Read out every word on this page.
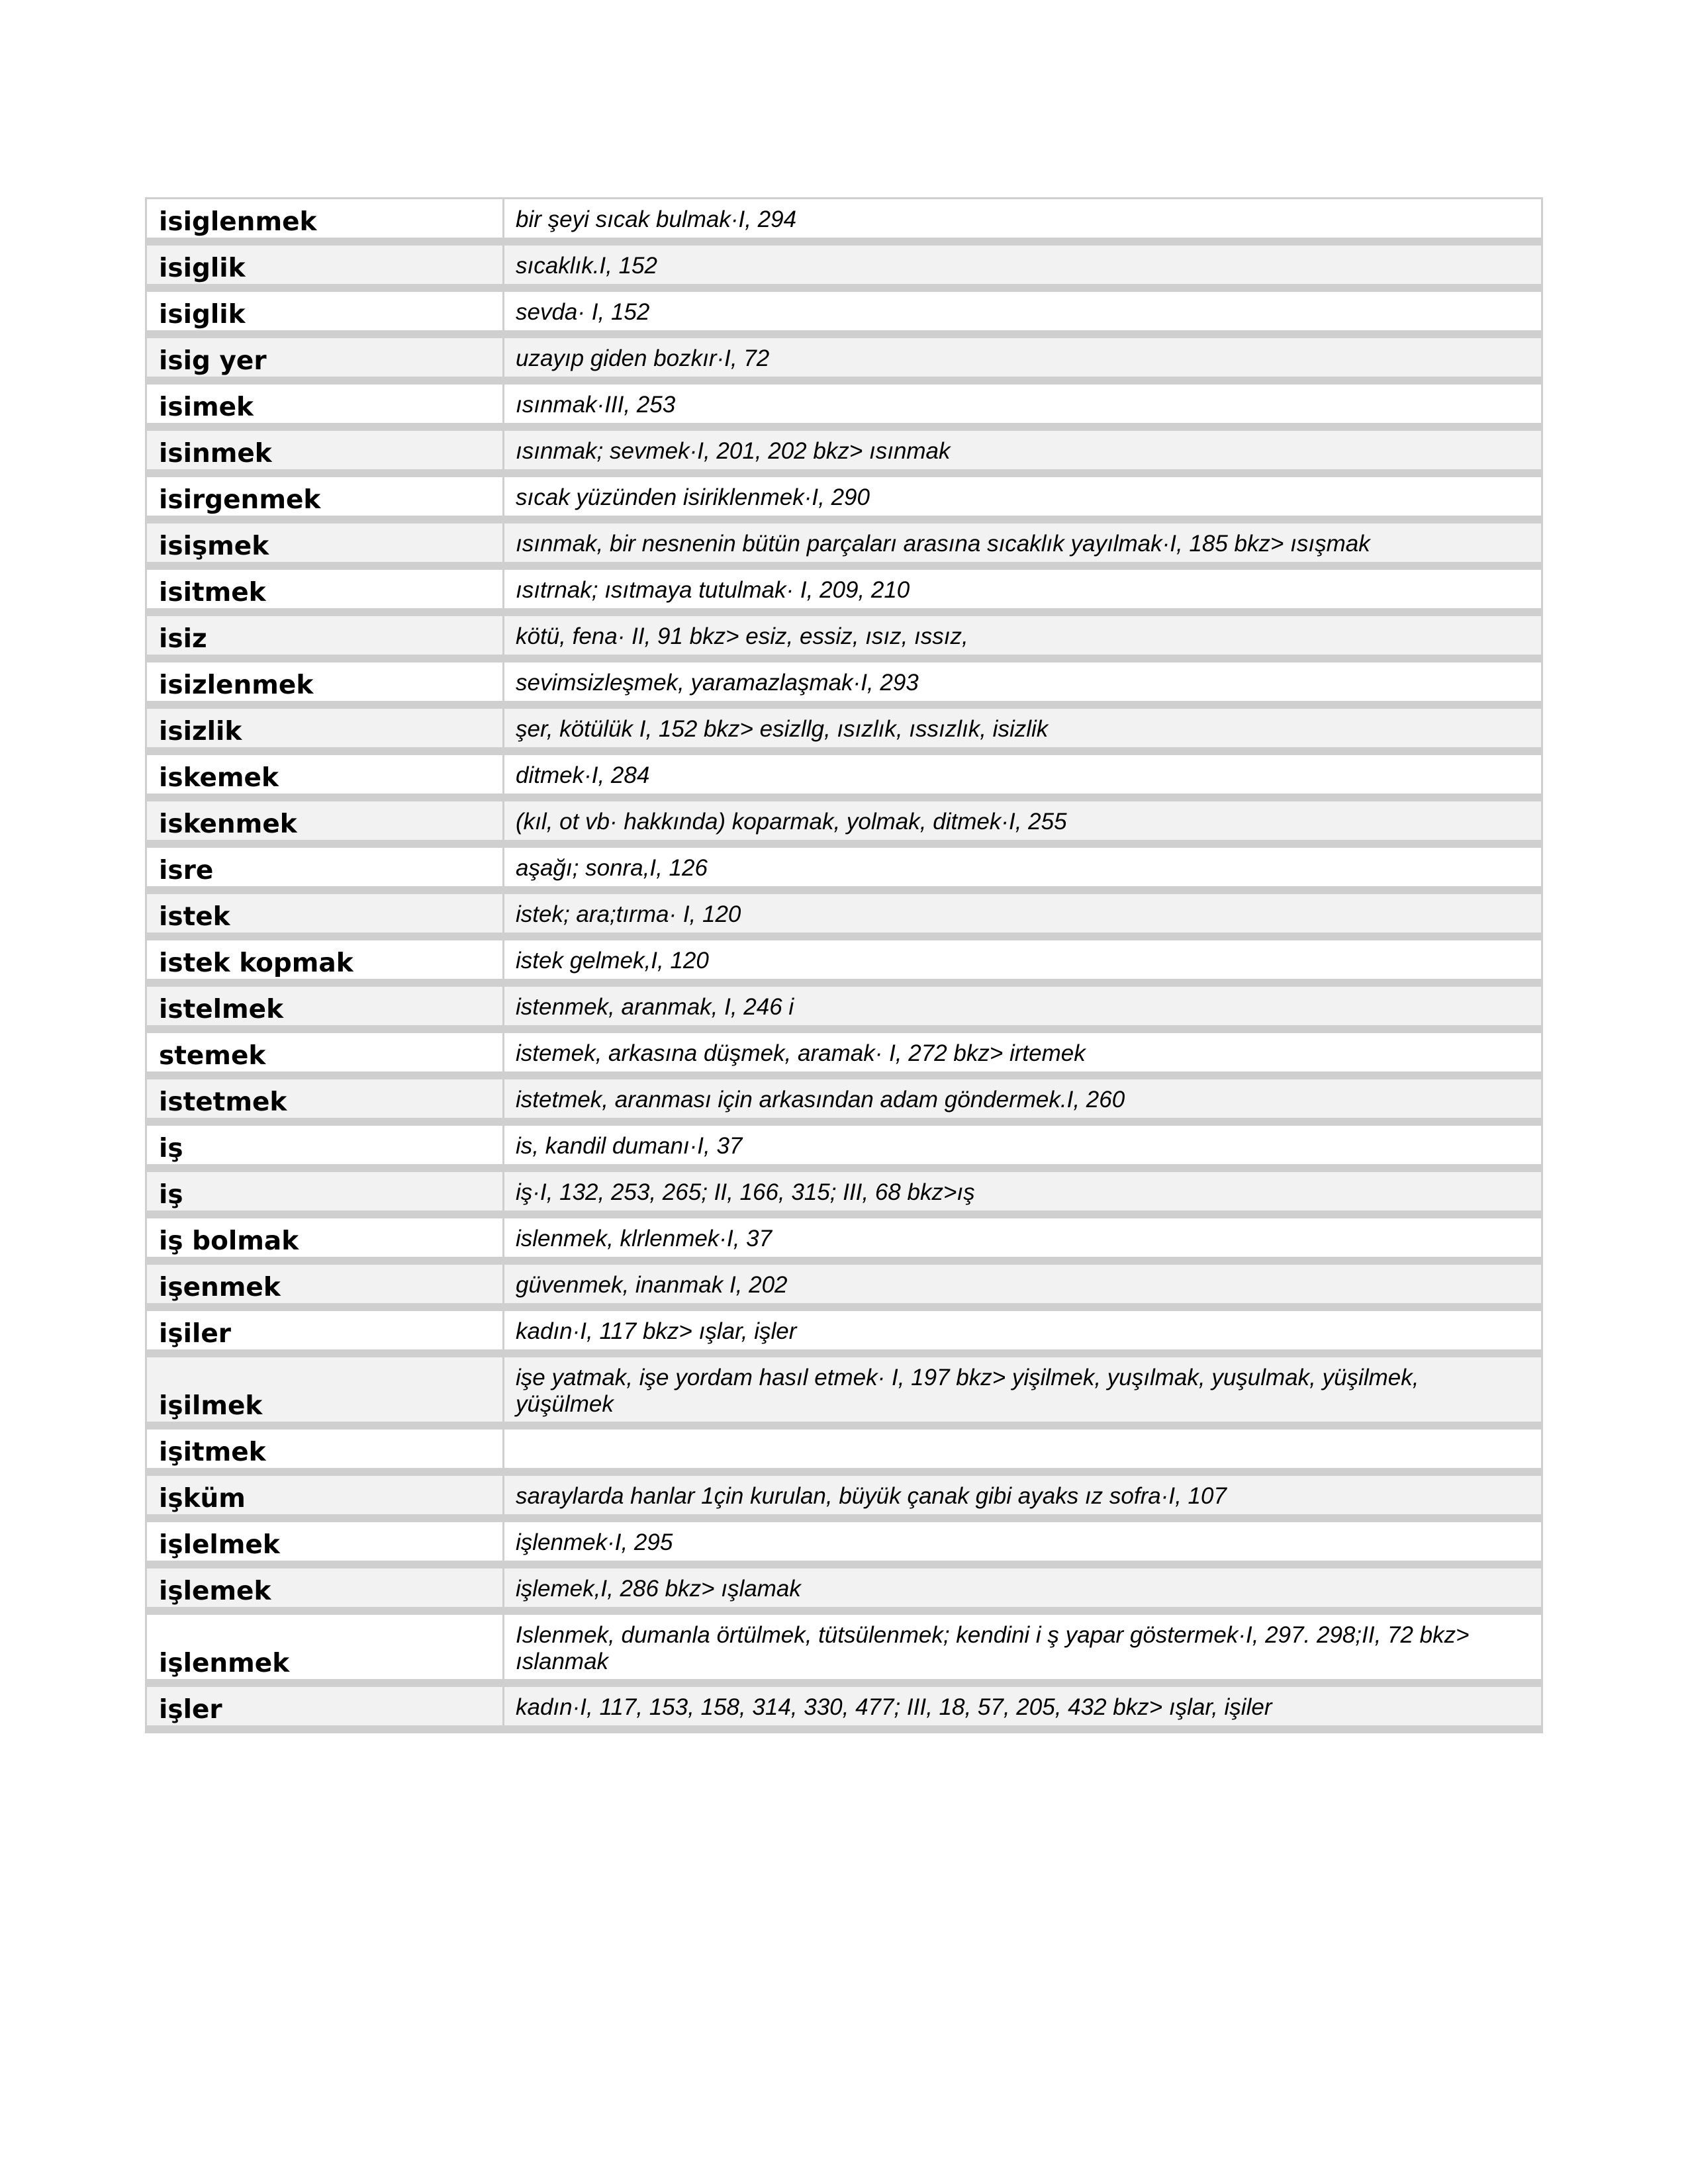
isiglenmek	bir şeyi sıcak bulmak·I, 294

isiglik	sıcaklık.I, 152

isiglik	sevda· I, 152

isig yer	uzayıp giden bozkır·I, 72

isimek	ısınmak·III, 253

isinmek	ısınmak; sevmek·I, 201, 202 bkz> ısınmak

isirgenmek	sıcak yüzünden isiriklenmek·I, 290

isişmek	ısınmak, bir nesnenin bütün parçaları arasına sıcaklık yayılmak·I, 185 bkz> ısışmak

isitmek	ısıtrnak; ısıtmaya tutulmak· I, 209, 210

isiz	kötü, fena· II, 91 bkz> esiz, essiz, ısız, ıssız,

isizlenmek	sevimsizleşmek, yaramazlaşmak·I, 293

isizlik	şer, kötülük I, 152 bkz> esizllg, ısızlık, ıssızlık, isizlik

iskemek	ditmek·I, 284

iskenmek	(kıl, ot vb· hakkında) koparmak, yolmak, ditmek·I, 255

isre	aşağı; sonra,I, 126

istek	istek; ara;tırma· I, 120

istek kopmak	istek gelmek,I, 120

istelmek	istenmek, aranmak, I, 246 i

stemek	istemek, arkasına düşmek, aramak· I, 272 bkz> irtemek

istetmek	istetmek, aranması için arkasından adam göndermek.I, 260

iş	is, kandil dumanı·I, 37

iş	iş·I, 132, 253, 265; II, 166, 315; III, 68 bkz>ış

iş bolmak	islenmek, klrlenmek·I, 37

işenmek	güvenmek, inanmak I, 202

işiler	kadın·I, 117 bkz> ışlar, işler

işilmek	işe yatmak, işe yordam hasıl etmek· I, 197 bkz> yişilmek, yuşılmak, yuşulmak, yüşilmek, yüşülmek

işitmek	

işküm	saraylarda hanlar 1çin kurulan, büyük çanak gibi ayaks ız sofra·I, 107

işlelmek	işlenmek·I, 295

işlemek	işlemek,I, 286 bkz> ışlamak

işlenmek	Islenmek, dumanla örtülmek, tütsülenmek; kendini i ş yapar göstermek·I, 297. 298;II, 72 bkz> ıslanmak

işler	kadın·I, 117, 153, 158, 314, 330, 477; III, 18, 57, 205, 432 bkz> ışlar, işiler
